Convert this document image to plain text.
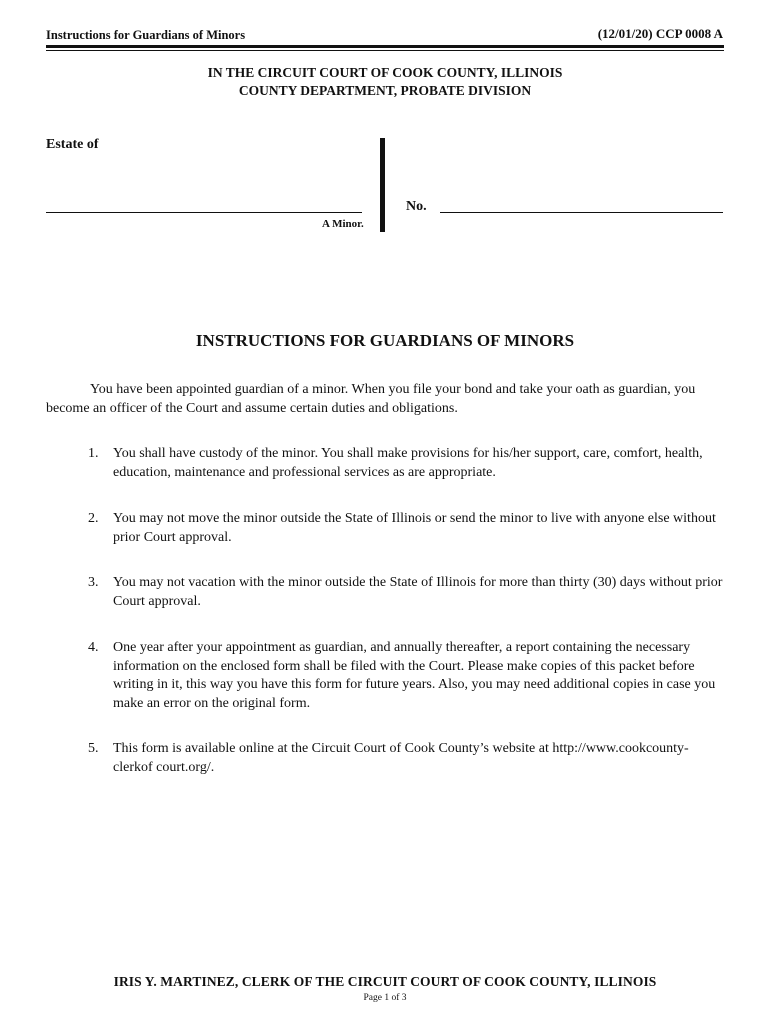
Instructions for Guardians of Minors	(12/01/20) CCP 0008 A
IN THE CIRCUIT COURT OF COOK COUNTY, ILLINOIS
COUNTY DEPARTMENT, PROBATE DIVISION
Estate of
A Minor.
No.
INSTRUCTIONS FOR GUARDIANS OF MINORS
You have been appointed guardian of a minor. When you file your bond and take your oath as guardian, you become an officer of the Court and assume certain duties and obligations.
1. You shall have custody of the minor. You shall make provisions for his/her support, care, comfort, health, education, maintenance and professional services as are appropriate.
2. You may not move the minor outside the State of Illinois or send the minor to live with anyone else without prior Court approval.
3. You may not vacation with the minor outside the State of Illinois for more than thirty (30) days without prior Court approval.
4. One year after your appointment as guardian, and annually thereafter, a report containing the necessary information on the enclosed form shall be filed with the Court. Please make copies of this packet before writing in it, this way you have this form for future years. Also, you may need additional copies in case you make an error on the original form.
5. This form is available online at the Circuit Court of Cook County’s website at http://www.cookcounty-clerkof court.org/.
IRIS Y. MARTINEZ, CLERK OF THE CIRCUIT COURT OF COOK COUNTY, ILLINOIS
Page 1 of 3
